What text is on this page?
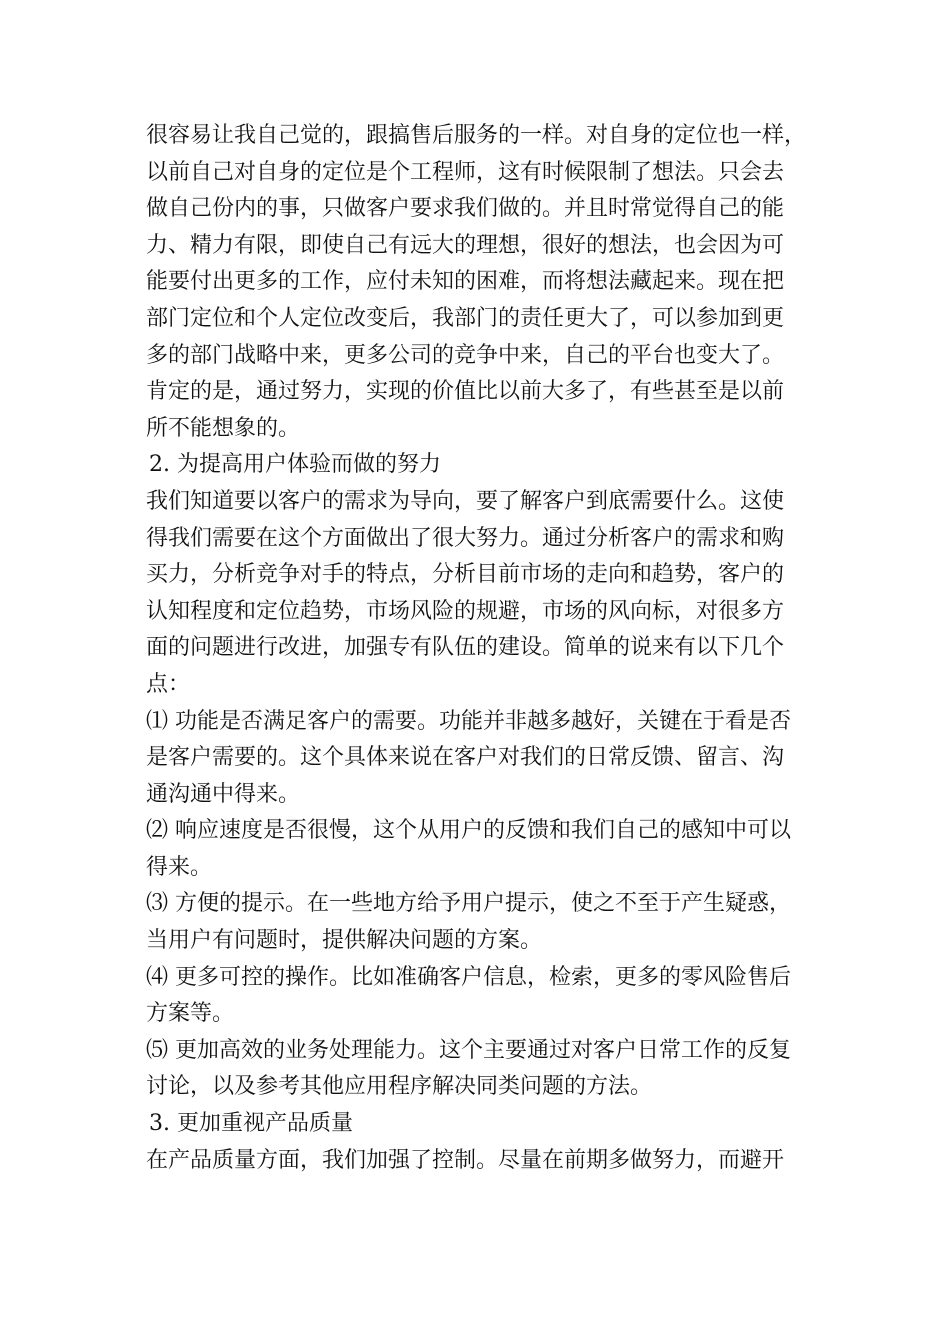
很容易让我自己觉的，跟搞售后服务的一样。对自身的定位也一样，
以前自己对自身的定位是个工程师，这有时候限制了想法。只会去
做自己份内的事，只做客户要求我们做的。并且时常觉得自己的能
力、精力有限，即使自己有远大的理想，很好的想法，也会因为可
能要付出更多的工作，应付未知的困难，而将想法藏起来。现在把
部门定位和个人定位改变后，我部门的责任更大了，可以参加到更
多的部门战略中来，更多公司的竞争中来，自己的平台也变大了。
肯定的是，通过努力，实现的价值比以前大多了，有些甚至是以前
所不能想象的。
2. 为提高用户体验而做的努力
我们知道要以客户的需求为导向，要了解客户到底需要什么。这使
得我们需要在这个方面做出了很大努力。通过分析客户的需求和购
买力，分析竞争对手的特点，分析目前市场的走向和趋势，客户的
认知程度和定位趋势，市场风险的规避，市场的风向标，对很多方
面的问题进行改进，加强专有队伍的建设。简单的说来有以下几个
点：
⑴ 功能是否满足客户的需要。功能并非越多越好，关键在于看是否
是客户需要的。这个具体来说在客户对我们的日常反馈、留言、沟
通沟通中得来。
⑵ 响应速度是否很慢，这个从用户的反馈和我们自己的感知中可以
得来。
⑶ 方便的提示。在一些地方给予用户提示，使之不至于产生疑惑，
当用户有问题时，提供解决问题的方案。
⑷ 更多可控的操作。比如准确客户信息，检索，更多的零风险售后
方案等。
⑸ 更加高效的业务处理能力。这个主要通过对客户日常工作的反复
讨论，以及参考其他应用程序解决同类问题的方法。
3. 更加重视产品质量
在产品质量方面，我们加强了控制。尽量在前期多做努力，而避开
